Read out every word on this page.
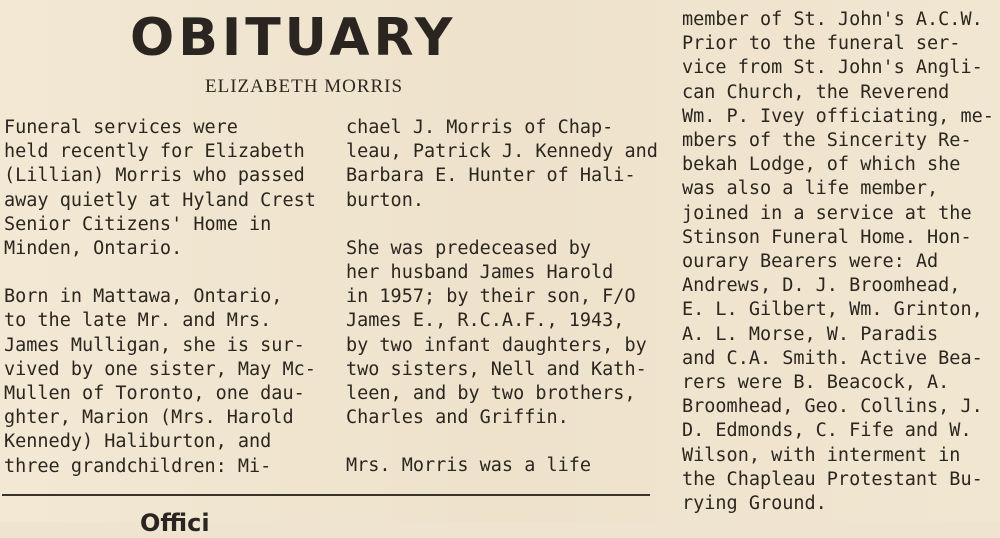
OBITUARY
ELIZABETH MORRIS

Funeral services were
held recently for Elizabeth
(Lillian) Morris who passed
away quietly at Hyland Crest
Senior Citizens' Home in
Minden, Ontario.

Born in Mattawa, Ontario,
to the late Mr. and Mrs.
James Mulligan, she is sur-
vived by one sister, May Mc-
Mullen of Toronto, one dau-
ghter, Marion (Mrs. Harold
Kennedy) Haliburton, and
three grandchildren: Mi-

chael J. Morris of Chap-
leau, Patrick J. Kennedy and
Barbara E. Hunter of Hali-
burton.

She was predeceased by
her husband James Harold
in 1957; by their son, F/O
James E., R.C.A.F., 1943,
by two infant daughters, by
two sisters, Nell and Kath-
leen, and by two brothers,
Charles and Griffin.

Mrs. Morris was a life

member of St. John's A.C.W.
Prior to the funeral ser-
vice from St. John's Angli-
can Church, the Reverend
Wm. P. Ivey officiating, me-
mbers of the Sincerity Re-
bekah Lodge, of which she
was also a life member,
joined in a service at the
Stinson Funeral Home. Hon-
ourary Bearers were: Ad
Andrews, D. J. Broomhead,
E. L. Gilbert, Wm. Grinton,
A. L. Morse, W. Paradis
and C.A. Smith. Active Bea-
rers were B. Beacock, A.
Broomhead, Geo. Collins, J.
D. Edmonds, C. Fife and W.
Wilson, with interment in
the Chapleau Protestant Bu-
rying Ground.

Offici
